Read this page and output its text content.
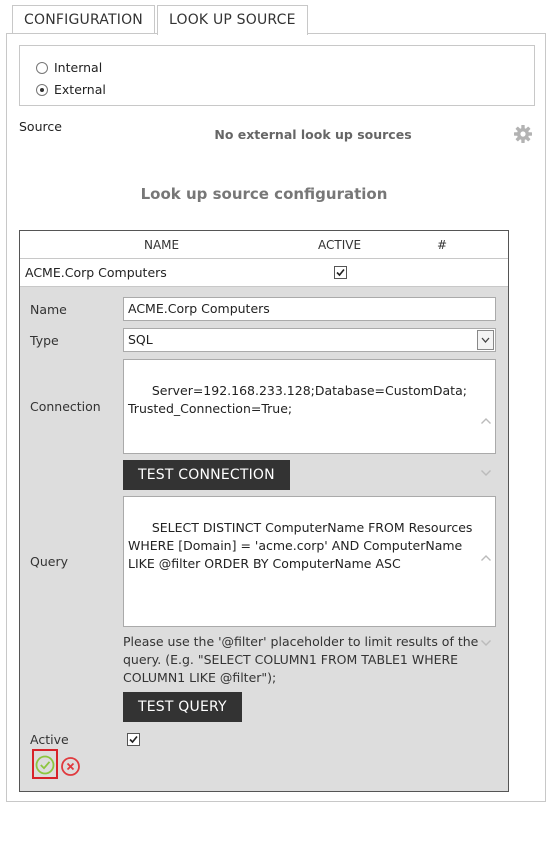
CONFIGURATION	LOOK UP SOURCE
Internal
External
Source
No external look up sources
Look up source configuration
NAME	ACTIVE	#
ACME.Corp Computers
Name	ACME.Corp Computers
Type	SQL
Connection

Server=192.168.233.128;Database=CustomData;Trusted_Connection=True;

TEST CONNECTION
Query

SELECT DISTINCT ComputerName FROM Resources WHERE [Domain] = 'acme.corp' AND ComputerName LIKE @filter ORDER BY ComputerName ASC

Please use the '@filter' placeholder to limit results of the query. (E.g. "SELECT COLUMN1 FROM TABLE1 WHERE COLUMN1 LIKE @filter");
TEST QUERY
Active
